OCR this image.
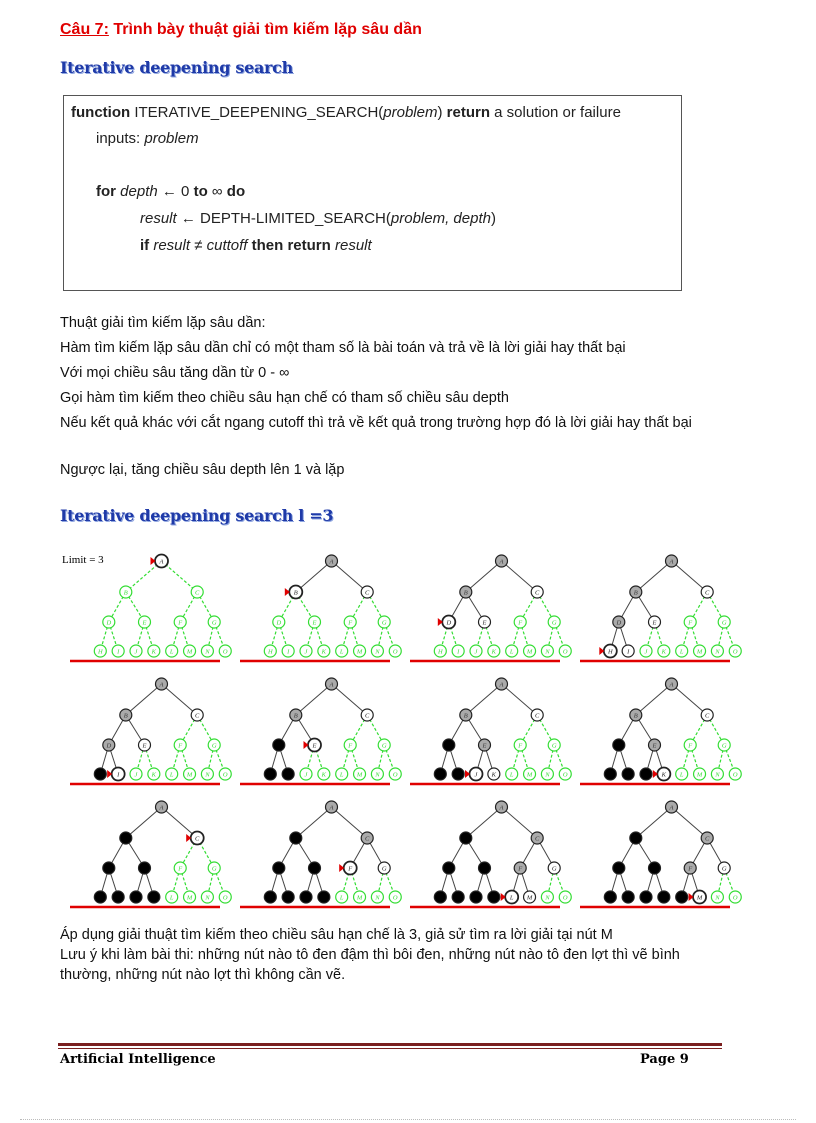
Câu 7: Trình bày thuật giải tìm kiếm lặp sâu dần
Iterative deepening search
function ITERATIVE_DEEPENING_SEARCH(problem) return a solution or failure
inputs: problem
for depth ← 0 to ∞ do
result ← DEPTH-LIMITED_SEARCH(problem, depth)
if result ≠ cuttoff then return result
Thuật giải tìm kiếm lặp sâu dần:
Hàm tìm kiếm lặp sâu dần chỉ có một tham số là bài toán và trả về là lời giải hay thất bại
Với mọi chiều sâu tăng dần từ 0 - ∞
Gọi hàm tìm kiếm theo chiều sâu hạn chế có tham số chiều sâu depth
Nếu kết quả khác với cắt ngang cutoff thì trả về kết quả trong trường hợp đó là lời giải hay thất bại
Ngược lại, tăng chiều sâu depth lên 1 và lặp
Iterative deepening search l =3
A
B	C
D	E	F	G
H I J K L M N O
A
B	C
D	E	F	G
H I J K L M N O
A
B	C
D	E	F	G
H I J K L M N O
A
B	C
D	E	F	G
H I J K L M N O
A
B	C
D	E	F	G
I J K L M N O
A
B	C
E	F	G
J K L M N O
A
B	C
E	F	G
J K L M N O
A
B	C
E	F	G
K L M N O
A
C
F	G
L M N O
A
C
F	G
L M N O
A
C
F	G
L M N O
A
C
F	G
M N O
Limit = 3
Áp dụng giải thuật tìm kiếm theo chiều sâu hạn chế là 3, giả sử tìm ra lời giải tại nút M
Lưu ý khi làm bài thi: những nút nào tô đen đậm thì bôi đen, những nút nào tô đen lợt thì vẽ bình thường, những nút nào lợt thì không cần vẽ.
Artificial Intelligence	Page 9
